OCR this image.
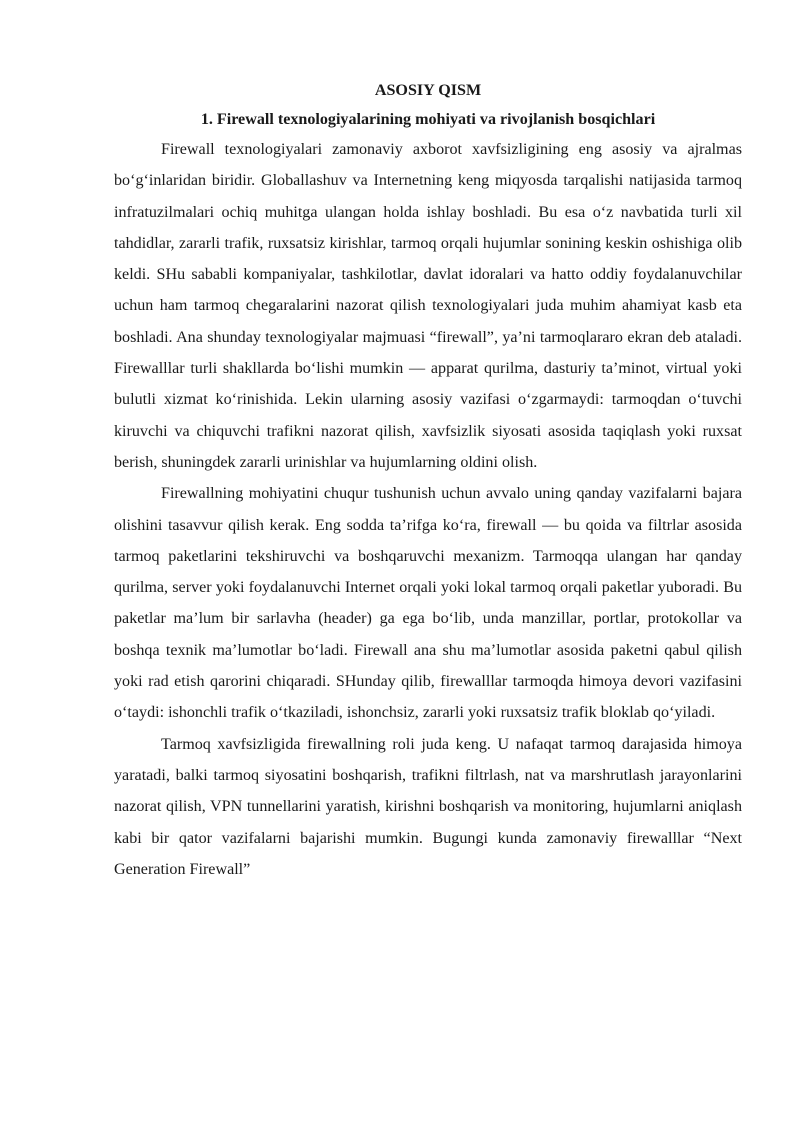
ASOSIY QISM

1. Firewall texnologiyalarining mohiyati va rivojlanish bosqichlari

Firewall texnologiyalari zamonaviy axborot xavfsizligining eng asosiy va ajralmas bo‘g‘inlaridan biridir. Globallashuv va Internetning keng miqyosda tarqalishi natijasida tarmoq infratuzilmalari ochiq muhitga ulangan holda ishlay boshladi. Bu esa o‘z navbatida turli xil tahdidlar, zararli trafik, ruxsatsiz kirishlar, tarmoq orqali hujumlar sonining keskin oshishiga olib keldi. SHu sababli kompaniyalar, tashkilotlar, davlat idoralari va hatto oddiy foydalanuvchilar uchun ham tarmoq chegaralarini nazorat qilish texnologiyalari juda muhim ahamiyat kasb eta boshladi. Ana shunday texnologiyalar majmuasi “firewall”, ya’ni tarmoqlararo ekran deb ataladi. Firewalllar turli shakllarda bo‘lishi mumkin — apparat qurilma, dasturiy ta’minot, virtual yoki bulutli xizmat ko‘rinishida. Lekin ularning asosiy vazifasi o‘zgarmaydi: tarmoqdan o‘tuvchi kiruvchi va chiquvchi trafikni nazorat qilish, xavfsizlik siyosati asosida taqiqlash yoki ruxsat berish, shuningdek zararli urinishlar va hujumlarning oldini olish.

Firewallning mohiyatini chuqur tushunish uchun avvalo uning qanday vazifalarni bajara olishini tasavvur qilish kerak. Eng sodda ta’rifga ko‘ra, firewall — bu qoida va filtrlar asosida tarmoq paketlarini tekshiruvchi va boshqaruvchi mexanizm. Tarmoqqa ulangan har qanday qurilma, server yoki foydalanuvchi Internet orqali yoki lokal tarmoq orqali paketlar yuboradi. Bu paketlar ma’lum bir sarlavha (header) ga ega bo‘lib, unda manzillar, portlar, protokollar va boshqa texnik ma’lumotlar bo‘ladi. Firewall ana shu ma’lumotlar asosida paketni qabul qilish yoki rad etish qarorini chiqaradi. SHunday qilib, firewalllar tarmoqda himoya devori vazifasini o‘taydi: ishonchli trafik o‘tkaziladi, ishonchsiz, zararli yoki ruxsatsiz trafik bloklab qo‘yiladi.

Tarmoq xavfsizligida firewallning roli juda keng. U nafaqat tarmoq darajasida himoya yaratadi, balki tarmoq siyosatini boshqarish, trafikni filtrlash, nat va marshrutlash jarayonlarini nazorat qilish, VPN tunnellarini yaratish, kirishni boshqarish va monitoring, hujumlarni aniqlash kabi bir qator vazifalarni bajarishi mumkin. Bugungi kunda zamonaviy firewalllar “Next Generation Firewall”
